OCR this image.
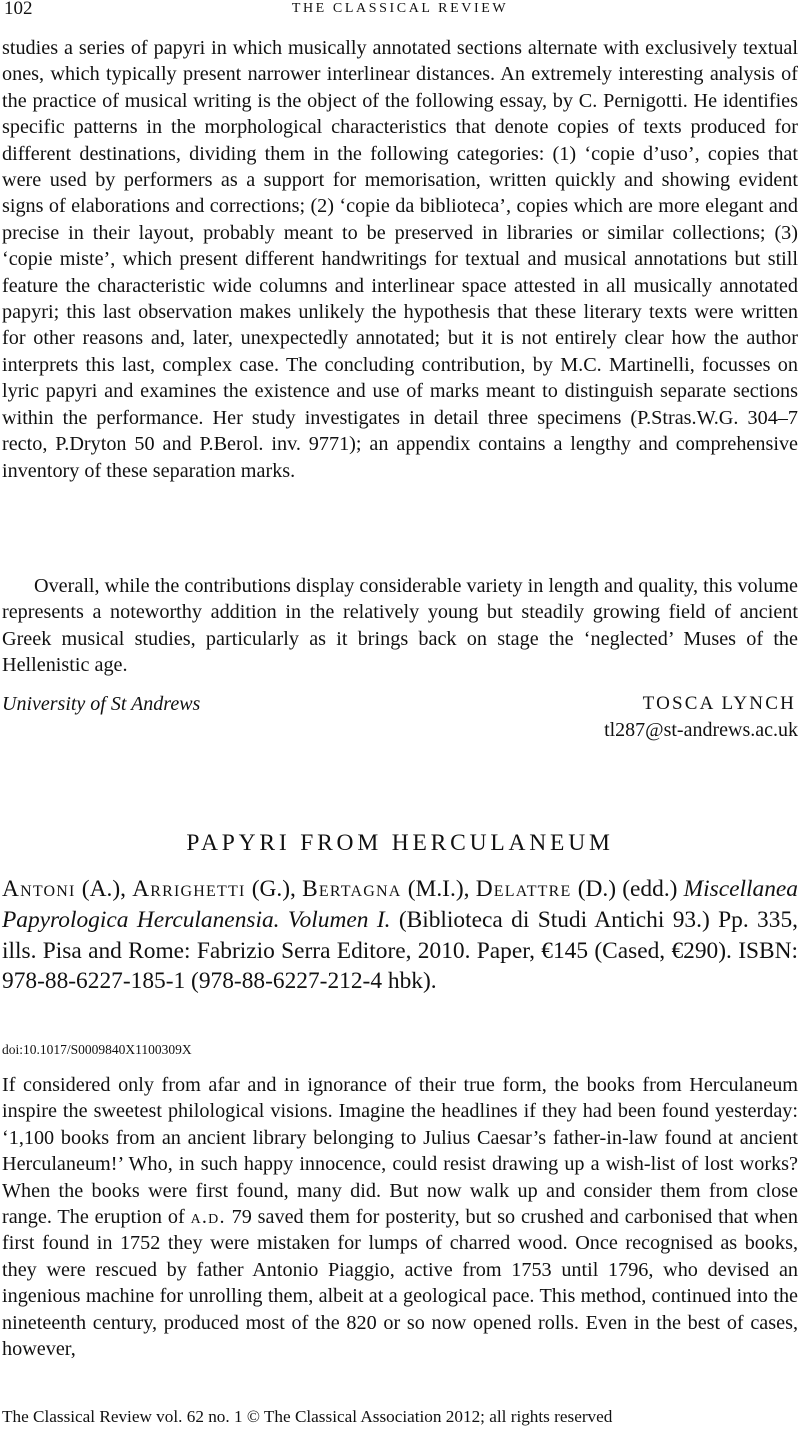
102	THE CLASSICAL REVIEW

studies a series of papyri in which musically annotated sections alternate with exclusively textual ones, which typically present narrower interlinear distances. An extremely interesting analysis of the practice of musical writing is the object of the following essay, by C. Pernigotti. He identifies specific patterns in the morphological characteristics that denote copies of texts produced for different destinations, dividing them in the following categories: (1) ‘copie d’uso’, copies that were used by performers as a support for memorisation, written quickly and showing evident signs of elaborations and corrections; (2) ‘copie da biblioteca’, copies which are more elegant and precise in their layout, probably meant to be preserved in libraries or similar collections; (3) ‘copie miste’, which present different handwritings for textual and musical annotations but still feature the characteristic wide columns and interlinear space attested in all musically annotated papyri; this last observation makes unlikely the hypothesis that these literary texts were written for other reasons and, later, unexpectedly annotated; but it is not entirely clear how the author interprets this last, complex case. The concluding contribution, by M.C. Martinelli, focusses on lyric papyri and examines the existence and use of marks meant to distinguish separate sections within the performance. Her study investigates in detail three specimens (P.Stras.W.G. 304–7 recto, P.Dryton 50 and P.Berol. inv. 9771); an appendix contains a lengthy and comprehensive inventory of these separation marks.

Overall, while the contributions display considerable variety in length and quality, this volume represents a noteworthy addition in the relatively young but steadily growing field of ancient Greek musical studies, particularly as it brings back on stage the ‘neglected’ Muses of the Hellenistic age.

University of St Andrews	TOSCA LYNCH
tl287@st-andrews.ac.uk
PAPYRI FROM HERCULANEUM

Antoni (A.), Arrighetti (G.), Bertagna (M.I.), Delattre (D.) (edd.) Miscellanea Papyrologica Herculanensia. Volumen I. (Biblioteca di Studi Antichi 93.) Pp. 335, ills. Pisa and Rome: Fabrizio Serra Editore, 2010. Paper, €145 (Cased, €290). ISBN: 978-88-6227-185-1 (978-88-6227-212-4 hbk).

doi:10.1017/S0009840X1100309X

If considered only from afar and in ignorance of their true form, the books from Herculaneum inspire the sweetest philological visions. Imagine the headlines if they had been found yesterday: ‘1,100 books from an ancient library belonging to Julius Caesar’s father-in-law found at ancient Herculaneum!’ Who, in such happy innocence, could resist drawing up a wish-list of lost works? When the books were first found, many did. But now walk up and consider them from close range. The eruption of a.d. 79 saved them for posterity, but so crushed and carbonised that when first found in 1752 they were mistaken for lumps of charred wood. Once recognised as books, they were rescued by father Antonio Piaggio, active from 1753 until 1796, who devised an ingenious machine for unrolling them, albeit at a geological pace. This method, continued into the nineteenth century, produced most of the 820 or so now opened rolls. Even in the best of cases, however,

The Classical Review vol. 62 no. 1 © The Classical Association 2012; all rights reserved
